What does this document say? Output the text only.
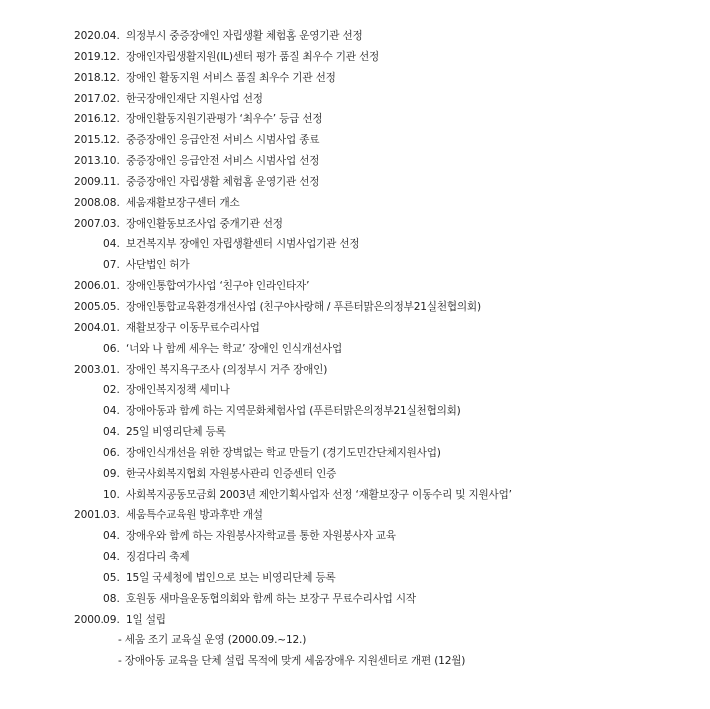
2020. 04. 의정부시 중증장애인 자립생활 체험홈 운영기관 선정
2019. 12. 장애인자립생활지원(IL)센터 평가 품질 최우수 기관 선정
2018. 12. 장애인 활동지원 서비스 품질 최우수 기관 선정
2017. 02. 한국장애인재단 지원사업 선정
2016. 12. 장애인활동지원기관평가 ‘최우수’ 등급 선정
2015. 12. 중증장애인 응급안전 서비스 시범사업 종료
2013. 10. 중증장애인 응급안전 서비스 시범사업 선정
2009. 11. 중증장애인 자립생활 체험홈 운영기관 선정
2008. 08. 세움재활보장구센터 개소
2007. 03. 장애인활동보조사업 중개기관 선정
04. 보건복지부 장애인 자립생활센터 시범사업기관 선정
07. 사단법인 허가
2006. 01. 장애인통합여가사업 ‘친구야 인라인타자’
2005. 05. 장애인통합교육환경개선사업 (친구야사랑해 / 푸른터맑은의정부21실천협의회)
2004. 01. 재활보장구 이동무료수리사업
06. ‘너와 나 함께 세우는 학교’ 장애인 인식개선사업
2003. 01. 장애인 복지욕구조사 (의정부시 거주 장애인)
02. 장애인복지정책 세미나
04. 장애아동과 함께 하는 지역문화체험사업 (푸른터맑은의정부21실천협의회)
04. 25일 비영리단체 등록
06. 장애인식개선을 위한 장벽없는 학교 만들기 (경기도민간단체지원사업)
09. 한국사회복지협회 자원봉사관리 인증센터 인증
10. 사회복지공동모금회 2003년 제안기획사업자 선정 ‘재활보장구 이동수리 및 지원사업’
2001. 03. 세움특수교육원 방과후반 개설
04. 장애우와 함께 하는 자원봉사자학교를 통한 자원봉사자 교육
04. 징검다리 축제
05. 15일 국세청에 법인으로 보는 비영리단체 등록
08. 호원동 새마을운동협의회와 함께 하는 보장구 무료수리사업 시작
2000. 09. 1일 설립
- 세움 조기 교육실 운영 (2000.09.~12.)
- 장애아동 교육을 단체 설립 목적에 맞게 세움장애우 지원센터로 개편 (12월)
